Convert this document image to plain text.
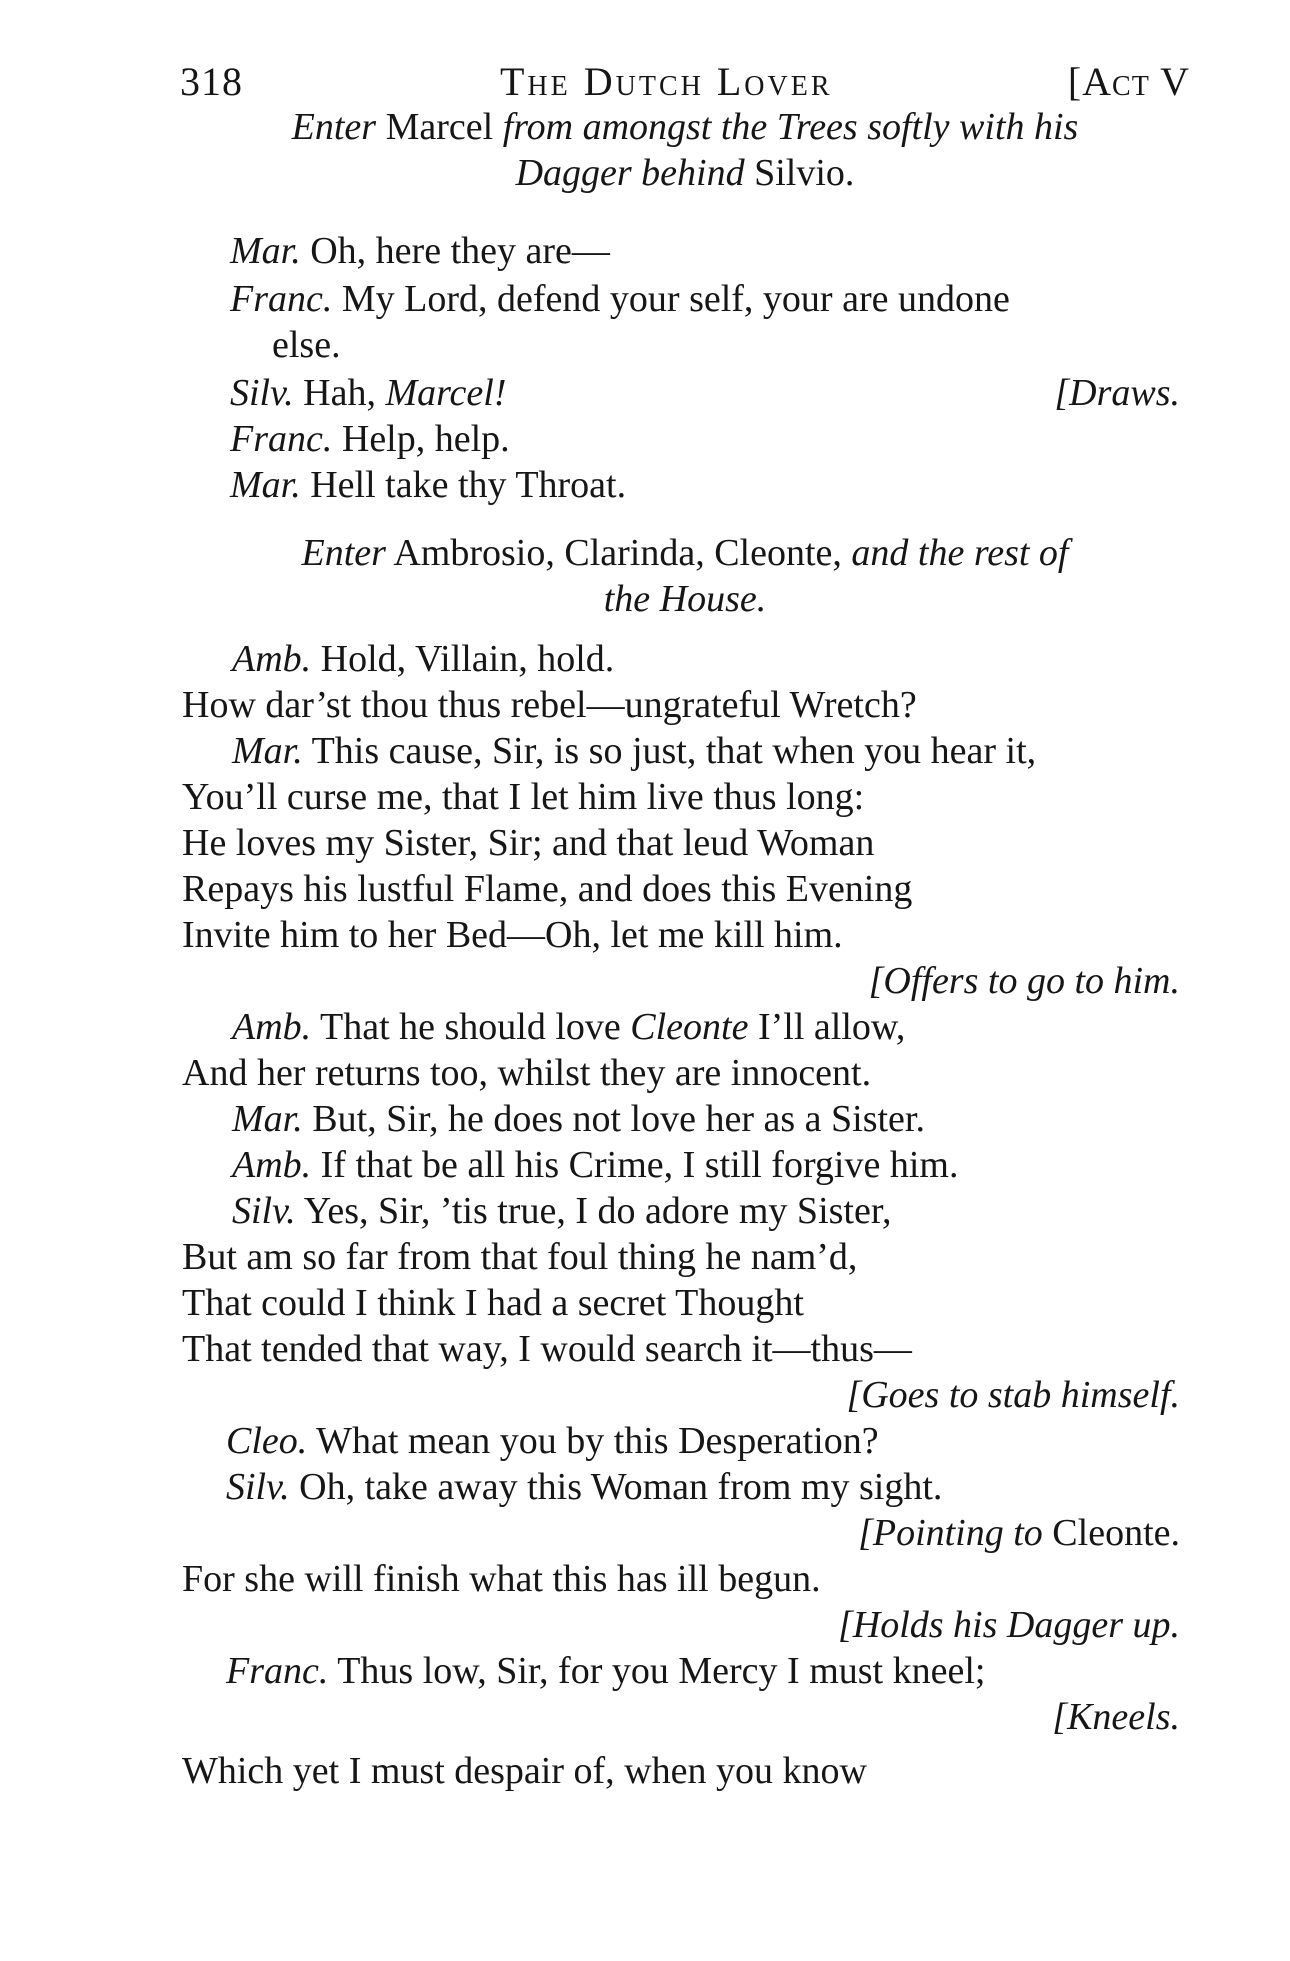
318	The Dutch Lover	[Act V
Enter Marcel from amongst the Trees softly with his
Dagger behind Silvio.
Mar. Oh, here they are—
Franc. My Lord, defend your self, your are undone
else.
Silv. Hah, Marcel!	[Draws.
Franc. Help, help.
Mar. Hell take thy Throat.
Enter Ambrosio, Clarinda, Cleonte, and the rest of
the House.
Amb. Hold, Villain, hold.
How dar’st thou thus rebel—ungrateful Wretch?
Mar. This cause, Sir, is so just, that when you hear it,
You’ll curse me, that I let him live thus long:
He loves my Sister, Sir; and that leud Woman
Repays his lustful Flame, and does this Evening
Invite him to her Bed—Oh, let me kill him.
[Offers to go to him.
Amb. That he should love Cleonte I’ll allow,
And her returns too, whilst they are innocent.
Mar. But, Sir, he does not love her as a Sister.
Amb. If that be all his Crime, I still forgive him.
Silv. Yes, Sir, ’tis true, I do adore my Sister,
But am so far from that foul thing he nam’d,
That could I think I had a secret Thought
That tended that way, I would search it—thus—
[Goes to stab himself.
Cleo. What mean you by this Desperation?
Silv. Oh, take away this Woman from my sight.
[Pointing to Cleonte.
For she will finish what this has ill begun.
[Holds his Dagger up.
Franc. Thus low, Sir, for you Mercy I must kneel;
[Kneels.
Which yet I must despair of, when you know
